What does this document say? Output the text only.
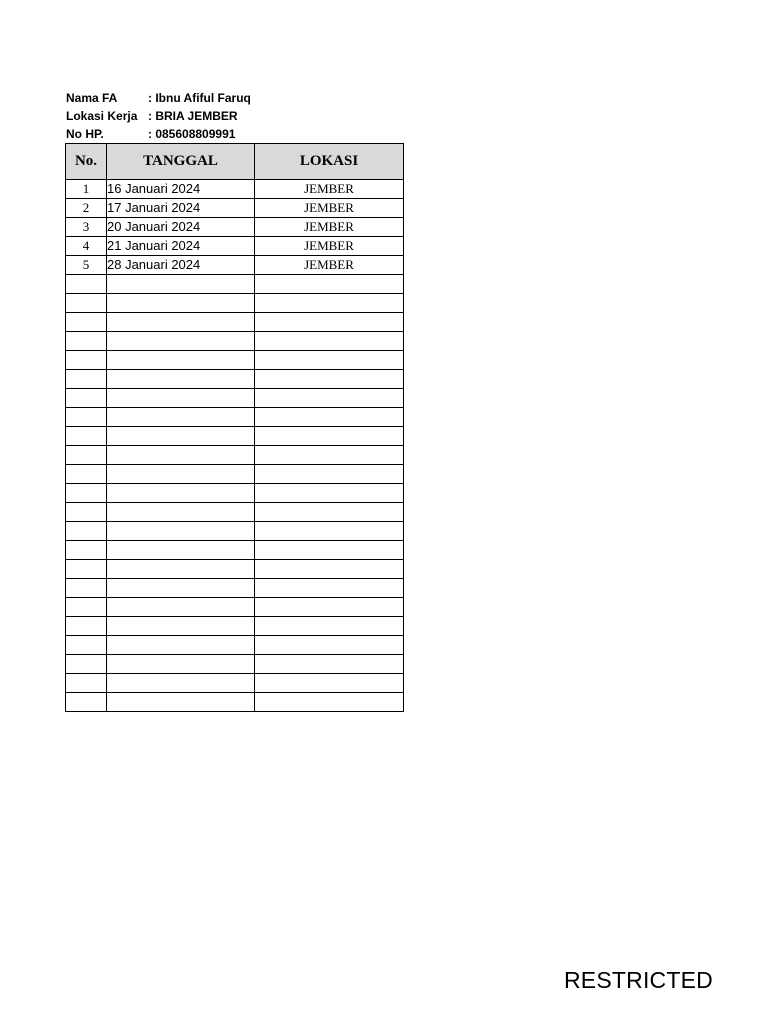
Nama FA	: Ibnu Afiful Faruq
Lokasi Kerja : BRIA JEMBER
No HP.	: 085608809991
No.	TANGGAL	LOKASI
1	16 Januari 2024	JEMBER
2	17 Januari 2024	JEMBER
3	20 Januari 2024	JEMBER
4	21 Januari 2024	JEMBER
5	28 Januari 2024	JEMBER

RESTRICTED
